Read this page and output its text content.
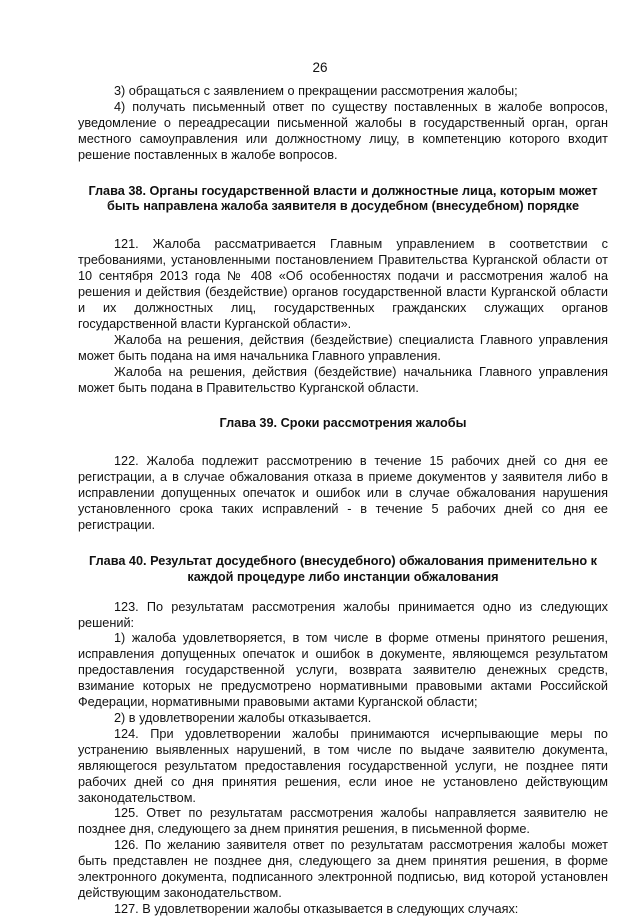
26

3) обращаться с заявлением о прекращении рассмотрения жалобы;

4) получать письменный ответ по существу поставленных в жалобе вопросов, уведомление о переадресации письменной жалобы в государственный орган, орган местного самоуправления или должностному лицу, в компетенцию которого входит решение поставленных в жалобе вопросов.

Глава 38. Органы государственной власти и должностные лица, которым может быть направлена жалоба заявителя в досудебном (внесудебном) порядке

121. Жалоба рассматривается Главным управлением в соответствии с требованиями, установленными постановлением Правительства Курганской области от 10 сентября 2013 года № 408 «Об особенностях подачи и рассмотрения жалоб на решения и действия (бездействие) органов государственной власти Курганской области и их должностных лиц, государственных гражданских служащих органов государственной власти Курганской области».

Жалоба на решения, действия (бездействие) специалиста Главного управления может быть подана на имя начальника Главного управления.

Жалоба на решения, действия (бездействие) начальника Главного управления может быть подана в Правительство Курганской области.

Глава 39. Сроки рассмотрения жалобы

122. Жалоба подлежит рассмотрению в течение 15 рабочих дней со дня ее регистрации, а в случае обжалования отказа в приеме документов у заявителя либо в исправлении допущенных опечаток и ошибок или в случае обжалования нарушения установленного срока таких исправлений - в течение 5 рабочих дней со дня ее регистрации.

Глава 40. Результат досудебного (внесудебного) обжалования применительно к каждой процедуре либо инстанции обжалования

123. По результатам рассмотрения жалобы принимается одно из следующих решений:

1) жалоба удовлетворяется, в том числе в форме отмены принятого решения, исправления допущенных опечаток и ошибок в документе, являющемся результатом предоставления государственной услуги, возврата заявителю денежных средств, взимание которых не предусмотрено нормативными правовыми актами Российской Федерации, нормативными правовыми актами Курганской области;

2) в удовлетворении жалобы отказывается.

124. При удовлетворении жалобы принимаются исчерпывающие меры по устранению выявленных нарушений, в том числе по выдаче заявителю документа, являющегося результатом предоставления государственной услуги, не позднее пяти рабочих дней со дня принятия решения, если иное не установлено действующим законодательством.

125. Ответ по результатам рассмотрения жалобы направляется заявителю не позднее дня, следующего за днем принятия решения, в письменной форме.

126. По желанию заявителя ответ по результатам рассмотрения жалобы может быть представлен не позднее дня, следующего за днем принятия решения, в форме электронного документа, подписанного электронной подписью, вид которой установлен действующим законодательством.

127. В удовлетворении жалобы отказывается в следующих случаях:
